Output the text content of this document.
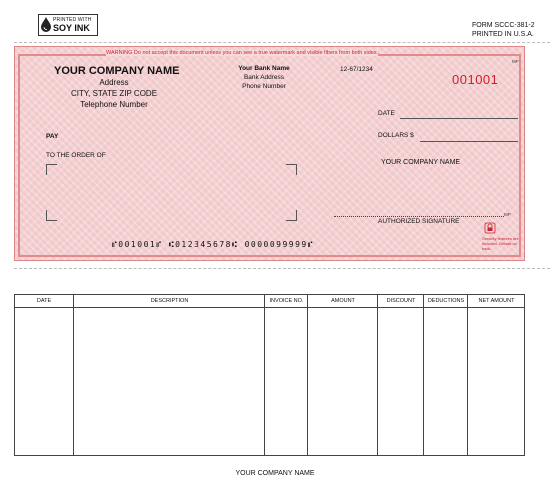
PRINTED WITH
SOY INK	FORM SCCC-381-2
PRINTED IN U.S.A.
WARNING Do not accept this document unless you can see a true watermark and visible fibers from both sides.
MP
YOUR COMPANY NAME
Address
CITY, STATE ZIP CODE
Telephone Number
Your Bank Name
Bank Address
Phone Number
12-67/1234
001001
DATE
PAY	DOLLARS $
TO THE ORDER OF
YOUR COMPANY NAME
MP
AUTHORIZED SIGNATURE
Security features are included. Details on back.
⑈001001⑈ ⑆012345678⑆ 0000099999⑈
DATE	DESCRIPTION	INVOICE NO.	AMOUNT	DISCOUNT	DEDUCTIONS	NET AMOUNT
YOUR COMPANY NAME
